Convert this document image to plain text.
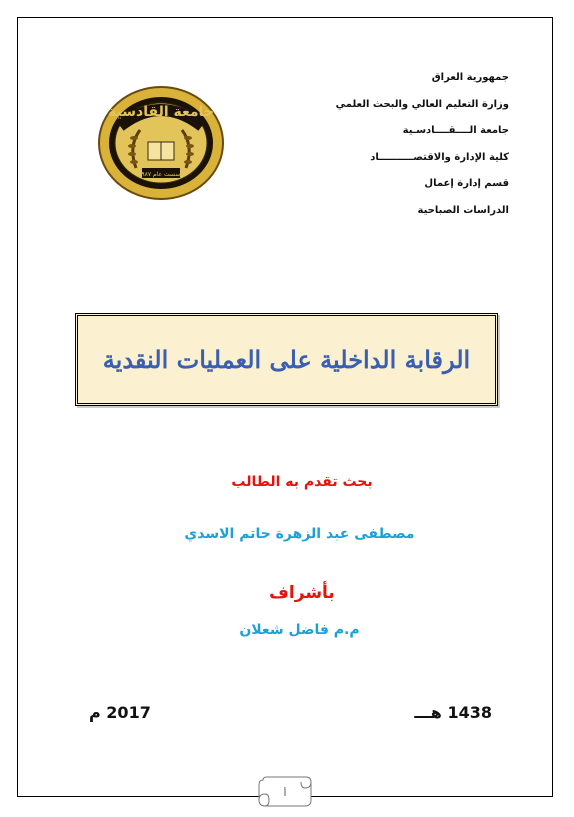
جمهورية العراق
وزارة التعليم العالي والبحث العلمي
جامعة الــــقــــادسـية
كلية الإدارة والاقتصــــــــــاد
قسم إدارة إعمال
الدراسات الصباحية
جامعة القادسية
تأسست عام ١٩٨٧
الرقابة الداخلية على العمليات النقدية
بحث تقدم به الطالب
مصطفى عبد الزهرة حاتم الاسدي
بأشراف
م.م فاضل شعلان
1438 هـــ
2017 م
أ
